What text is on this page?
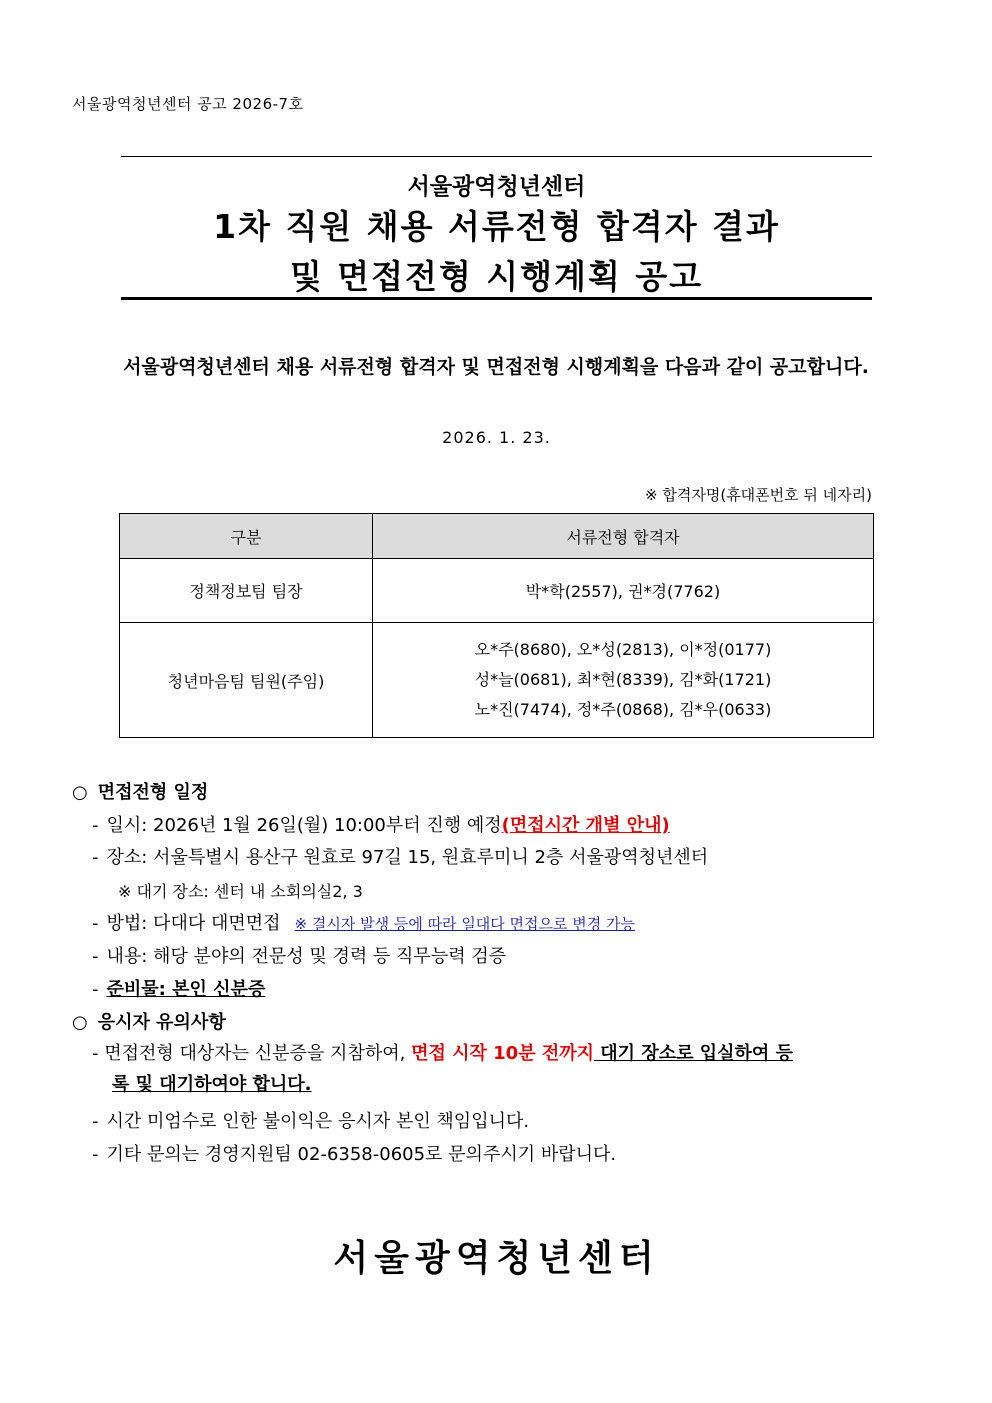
서울광역청년센터 공고 2026-7호
서울광역청년센터
1차 직원 채용 서류전형 합격자 결과
및 면접전형 시행계획 공고
서울광역청년센터 채용 서류전형 합격자 및 면접전형 시행계획을 다음과 같이 공고합니다.
2026. 1. 23.
※ 합격자명(휴대폰번호 뒤 네자리)
구분	서류전형 합격자
정책정보팀 팀장	박*학(2557), 권*경(7762)
청년마음팀 팀원(주임)	오*주(8680), 오*성(2813), 이*정(0177)
성*늘(0681), 최*현(8339), 김*화(1721)
노*진(7474), 정*주(0868), 김*우(0633)
○ 면접전형 일정
- 일시: 2026년 1월 26일(월) 10:00부터 진행 예정(면접시간 개별 안내)
- 장소: 서울특별시 용산구 원효로 97길 15, 원효루미니 2층 서울광역청년센터
※ 대기 장소: 센터 내 소회의실2, 3
- 방법: 다대다 대면면접 ※ 결시자 발생 등에 따라 일대다 면접으로 변경 가능
- 내용: 해당 분야의 전문성 및 경력 등 직무능력 검증
- 준비물: 본인 신분증
○ 응시자 유의사항
- 면접전형 대상자는 신분증을 지참하여, 면접 시작 10분 전까지 대기 장소로 입실하여 등
록 및 대기하여야 합니다.
- 시간 미엄수로 인한 불이익은 응시자 본인 책임입니다.
- 기타 문의는 경영지원팀 02-6358-0605로 문의주시기 바랍니다.
서울광역청년센터
